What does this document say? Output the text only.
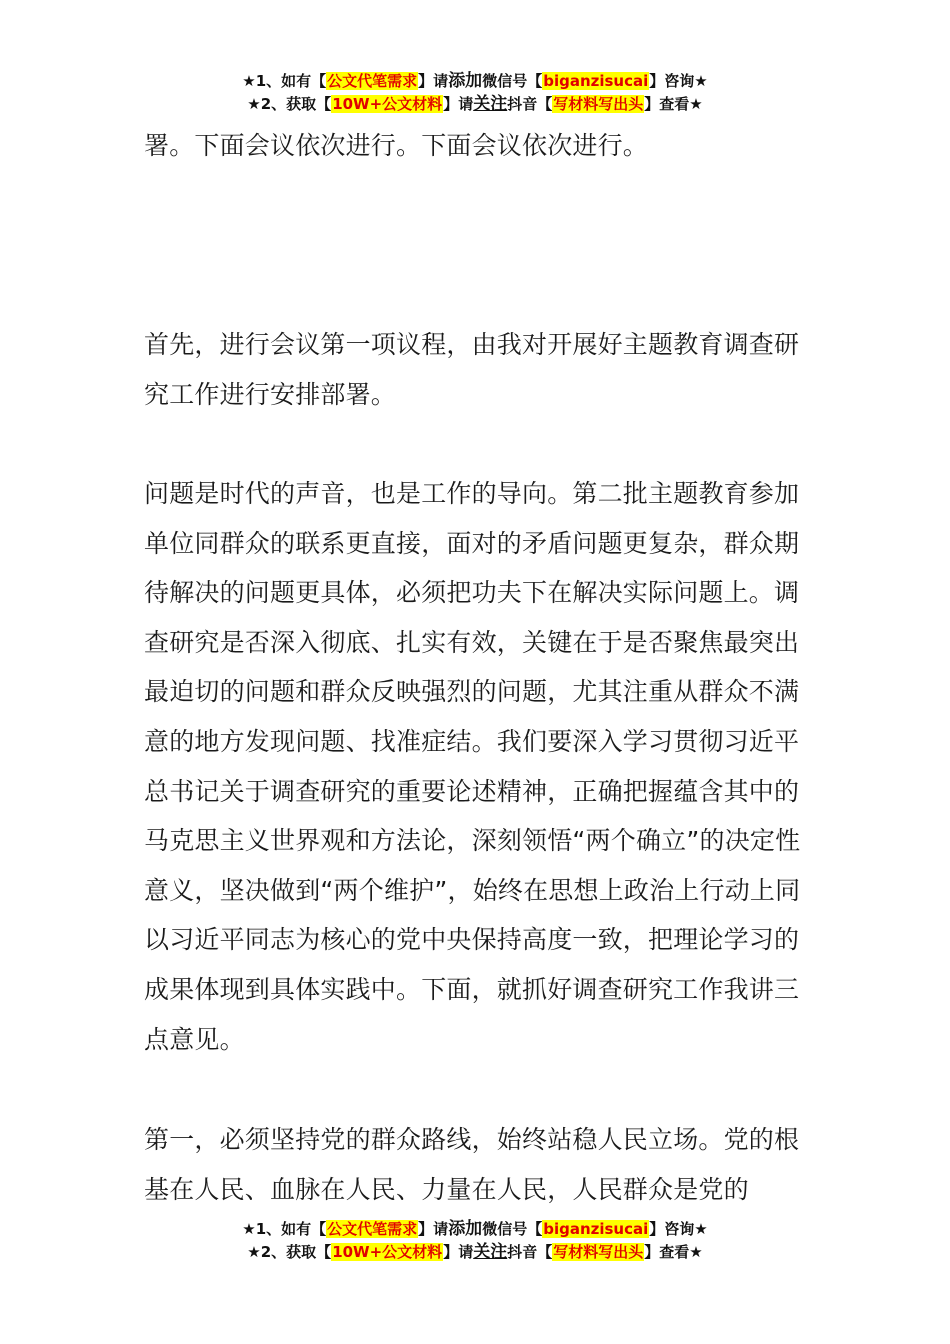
★1、如有【公文代笔需求】请添加微信号【biganzisucai】咨询★
★2、获取【10W+公文材料】请关注抖音【写材料写出头】查看★

署。下面会议依次进行。下面会议依次进行。

首先，进行会议第一项议程，由我对开展好主题教育调查研究工作进行安排部署。

问题是时代的声音，也是工作的导向。第二批主题教育参加单位同群众的联系更直接，面对的矛盾问题更复杂，群众期待解决的问题更具体，必须把功夫下在解决实际问题上。调查研究是否深入彻底、扎实有效，关键在于是否聚焦最突出最迫切的问题和群众反映强烈的问题，尤其注重从群众不满意的地方发现问题、找准症结。我们要深入学习贯彻习近平总书记关于调查研究的重要论述精神，正确把握蕴含其中的马克思主义世界观和方法论，深刻领悟“两个确立”的决定性意义，坚决做到“两个维护”，始终在思想上政治上行动上同以习近平同志为核心的党中央保持高度一致，把理论学习的成果体现到具体实践中。下面，就抓好调查研究工作我讲三点意见。

第一，必须坚持党的群众路线，始终站稳人民立场。党的根基在人民、血脉在人民、力量在人民，人民群众是党的

★1、如有【公文代笔需求】请添加微信号【biganzisucai】咨询★
★2、获取【10W+公文材料】请关注抖音【写材料写出头】查看★
